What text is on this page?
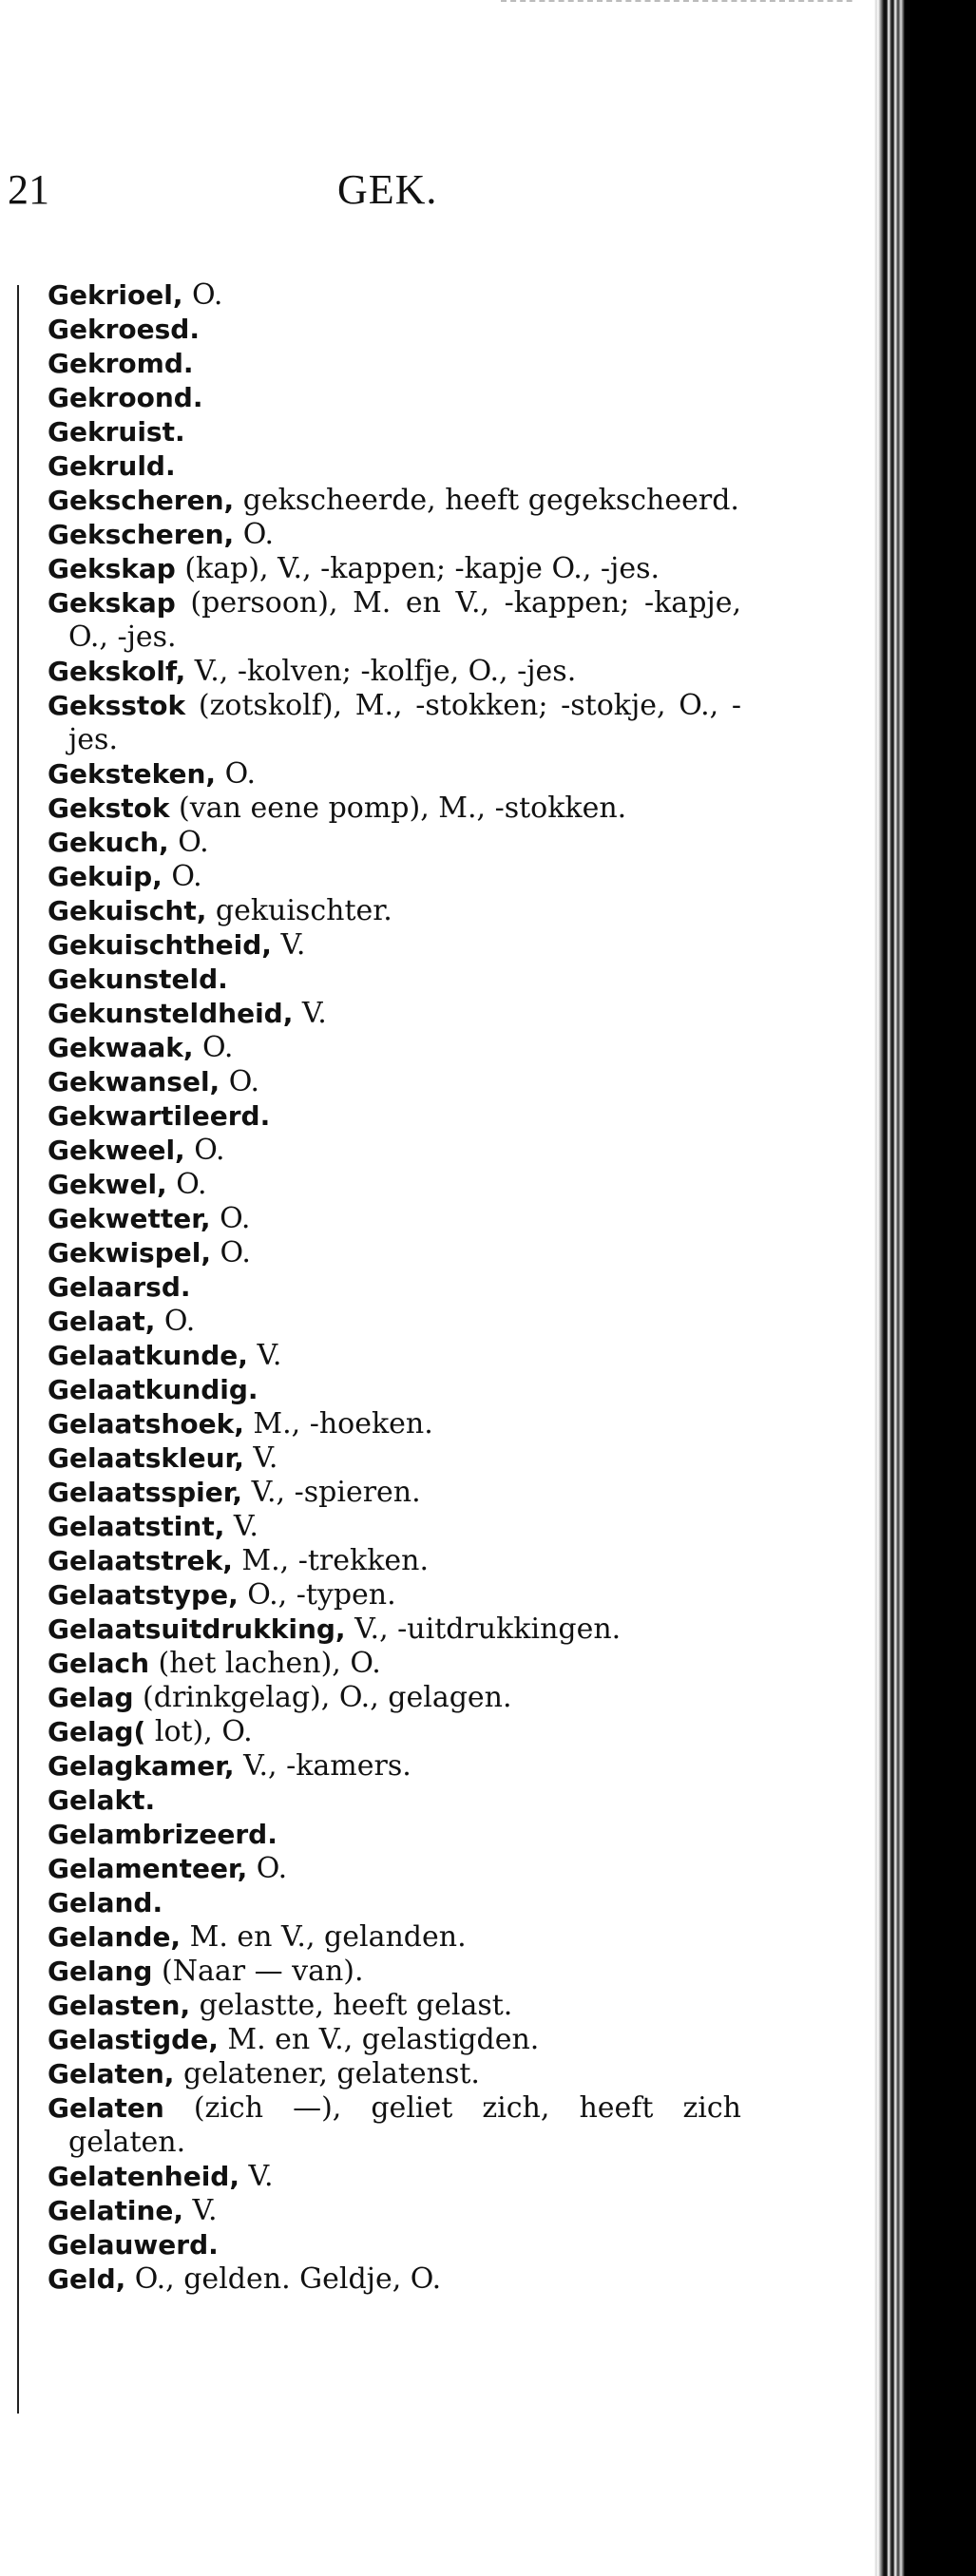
21	GEK.
Gekrioel, O.
Gekroesd.
Gekromd.
Gekroond.
Gekruist.
Gekruld.
Gekscheren, gekscheerde, heeft gegekscheerd.
Gekscheren, O.
Gekskap (kap), V., -kappen; -kapje O., -jes.
Gekskap (persoon), M. en V., -kappen; -kapje, O., -jes.
Gekskolf, V., -kolven; -kolfje, O., -jes.
Geksstok (zotskolf), M., -stokken; -stokje, O., -jes.
Geksteken, O.
Gekstok (van eene pomp), M., -stokken.
Gekuch, O.
Gekuip, O.
Gekuischt, gekuischter.
Gekuischtheid, V.
Gekunsteld.
Gekunsteldheid, V.
Gekwaak, O.
Gekwansel, O.
Gekwartileerd.
Gekweel, O.
Gekwel, O.
Gekwetter, O.
Gekwispel, O.
Gelaarsd.
Gelaat, O.
Gelaatkunde, V.
Gelaatkundig.
Gelaatshoek, M., -hoeken.
Gelaatskleur, V.
Gelaatsspier, V., -spieren.
Gelaatstint, V.
Gelaatstrek, M., -trekken.
Gelaatstype, O., -typen.
Gelaatsuitdrukking, V., -uitdrukkingen.
Gelach (het lachen), O.
Gelag (drinkgelag), O., gelagen.
Gelag( lot), O.
Gelagkamer, V., -kamers.
Gelakt.
Gelambrizeerd.
Gelamenteer, O.
Geland.
Gelande, M. en V., gelanden.
Gelang (Naar — van).
Gelasten, gelastte, heeft gelast.
Gelastigde, M. en V., gelastigden.
Gelaten, gelatener, gelatenst.
Gelaten (zich —), geliet zich, heeft zich gelaten.
Gelatenheid, V.
Gelatine, V.
Gelauwerd.
Geld, O., gelden. Geldje, O.
